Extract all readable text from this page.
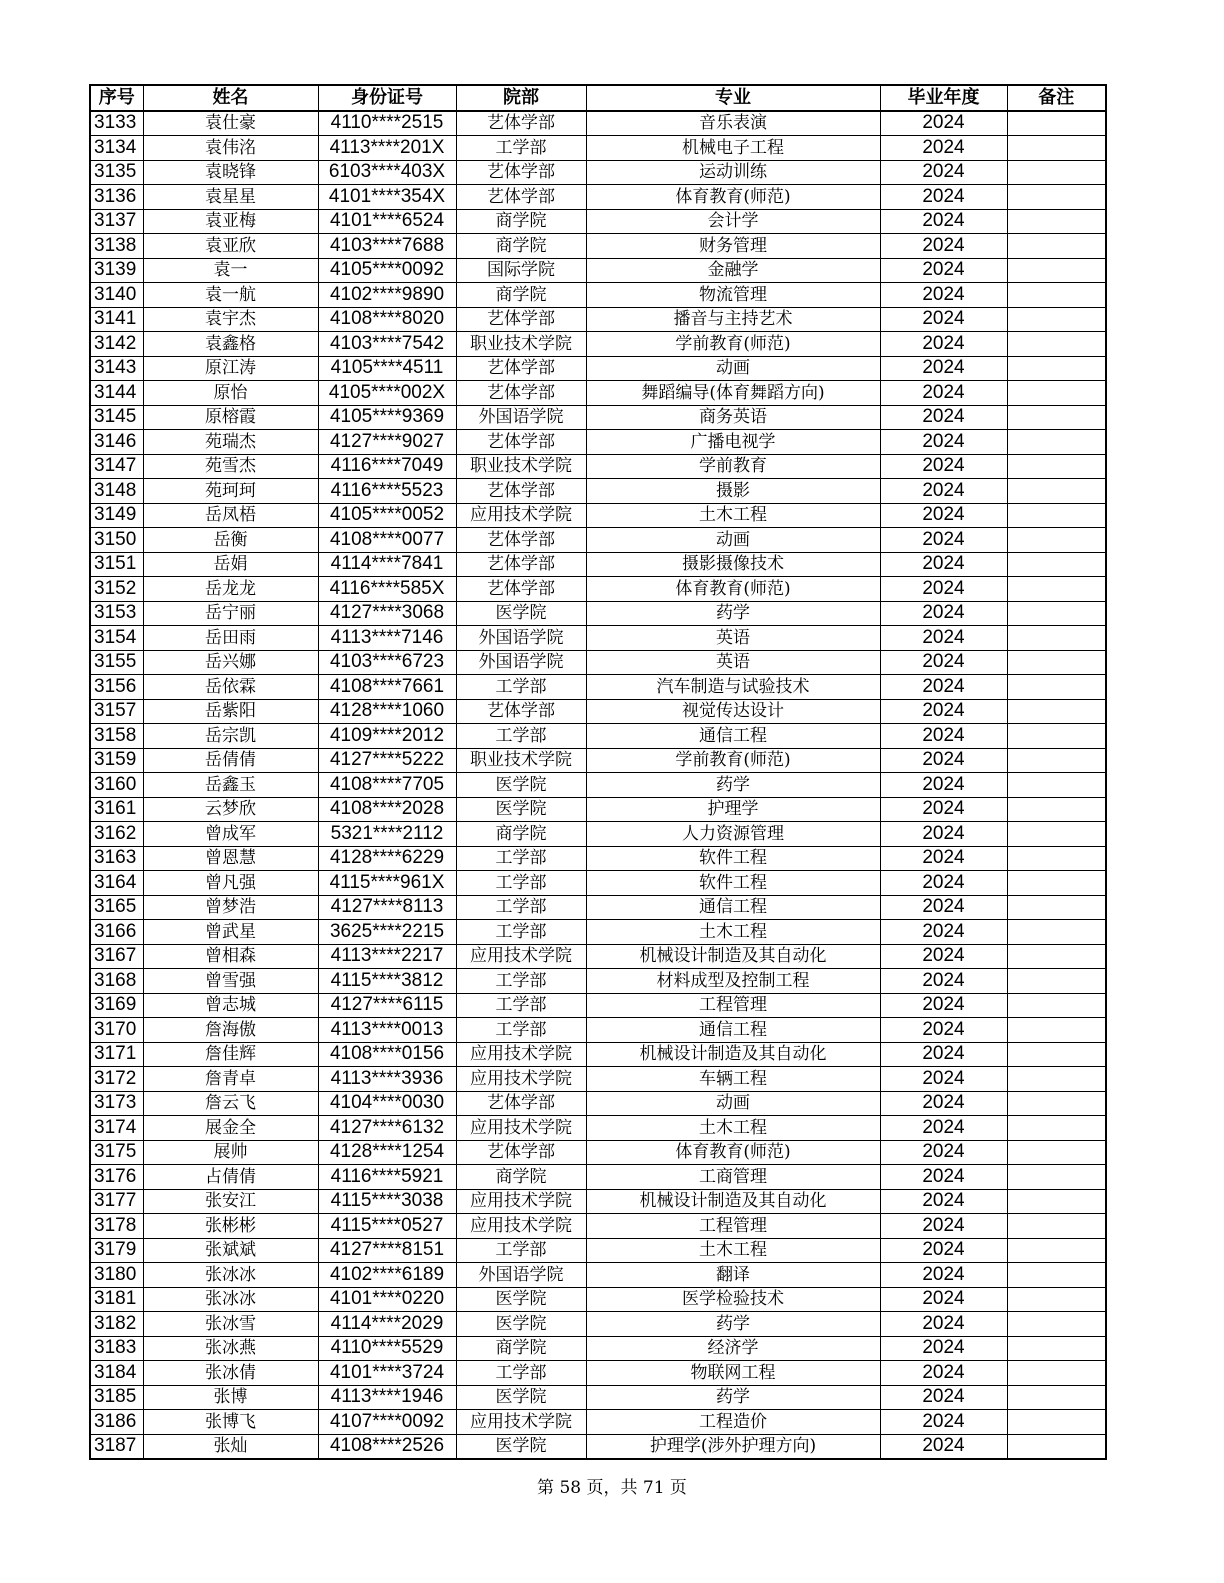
序号	姓名	身份证号	院部	专业	毕业年度	备注
3133	袁仕豪	4110****2515	艺体学部	音乐表演	2024	
3134	袁伟洺	4113****201X	工学部	机械电子工程	2024	
3135	袁晓锋	6103****403X	艺体学部	运动训练	2024	
3136	袁星星	4101****354X	艺体学部	体育教育(师范)	2024	
3137	袁亚梅	4101****6524	商学院	会计学	2024	
3138	袁亚欣	4103****7688	商学院	财务管理	2024	
3139	袁一	4105****0092	国际学院	金融学	2024	
3140	袁一航	4102****9890	商学院	物流管理	2024	
3141	袁宇杰	4108****8020	艺体学部	播音与主持艺术	2024	
3142	袁鑫格	4103****7542	职业技术学院	学前教育(师范)	2024	
3143	原江涛	4105****4511	艺体学部	动画	2024	
3144	原怡	4105****002X	艺体学部	舞蹈编导(体育舞蹈方向)	2024	
3145	原榕霞	4105****9369	外国语学院	商务英语	2024	
3146	苑瑞杰	4127****9027	艺体学部	广播电视学	2024	
3147	苑雪杰	4116****7049	职业技术学院	学前教育	2024	
3148	苑珂珂	4116****5523	艺体学部	摄影	2024	
3149	岳凤梧	4105****0052	应用技术学院	土木工程	2024	
3150	岳衡	4108****0077	艺体学部	动画	2024	
3151	岳娟	4114****7841	艺体学部	摄影摄像技术	2024	
3152	岳龙龙	4116****585X	艺体学部	体育教育(师范)	2024	
3153	岳宁丽	4127****3068	医学院	药学	2024	
3154	岳田雨	4113****7146	外国语学院	英语	2024	
3155	岳兴娜	4103****6723	外国语学院	英语	2024	
3156	岳依霖	4108****7661	工学部	汽车制造与试验技术	2024	
3157	岳紫阳	4128****1060	艺体学部	视觉传达设计	2024	
3158	岳宗凯	4109****2012	工学部	通信工程	2024	
3159	岳倩倩	4127****5222	职业技术学院	学前教育(师范)	2024	
3160	岳鑫玉	4108****7705	医学院	药学	2024	
3161	云梦欣	4108****2028	医学院	护理学	2024	
3162	曾成军	5321****2112	商学院	人力资源管理	2024	
3163	曾恩慧	4128****6229	工学部	软件工程	2024	
3164	曾凡强	4115****961X	工学部	软件工程	2024	
3165	曾梦浩	4127****8113	工学部	通信工程	2024	
3166	曾武星	3625****2215	工学部	土木工程	2024	
3167	曾相森	4113****2217	应用技术学院	机械设计制造及其自动化	2024	
3168	曾雪强	4115****3812	工学部	材料成型及控制工程	2024	
3169	曾志城	4127****6115	工学部	工程管理	2024	
3170	詹海傲	4113****0013	工学部	通信工程	2024	
3171	詹佳辉	4108****0156	应用技术学院	机械设计制造及其自动化	2024	
3172	詹青卓	4113****3936	应用技术学院	车辆工程	2024	
3173	詹云飞	4104****0030	艺体学部	动画	2024	
3174	展金全	4127****6132	应用技术学院	土木工程	2024	
3175	展帅	4128****1254	艺体学部	体育教育(师范)	2024	
3176	占倩倩	4116****5921	商学院	工商管理	2024	
3177	张安江	4115****3038	应用技术学院	机械设计制造及其自动化	2024	
3178	张彬彬	4115****0527	应用技术学院	工程管理	2024	
3179	张斌斌	4127****8151	工学部	土木工程	2024	
3180	张冰冰	4102****6189	外国语学院	翻译	2024	
3181	张冰冰	4101****0220	医学院	医学检验技术	2024	
3182	张冰雪	4114****2029	医学院	药学	2024	
3183	张冰燕	4110****5529	商学院	经济学	2024	
3184	张冰倩	4101****3724	工学部	物联网工程	2024	
3185	张博	4113****1946	医学院	药学	2024	
3186	张博飞	4107****0092	应用技术学院	工程造价	2024	
3187	张灿	4108****2526	医学院	护理学(涉外护理方向)	2024	
第 58 页，共 71 页
